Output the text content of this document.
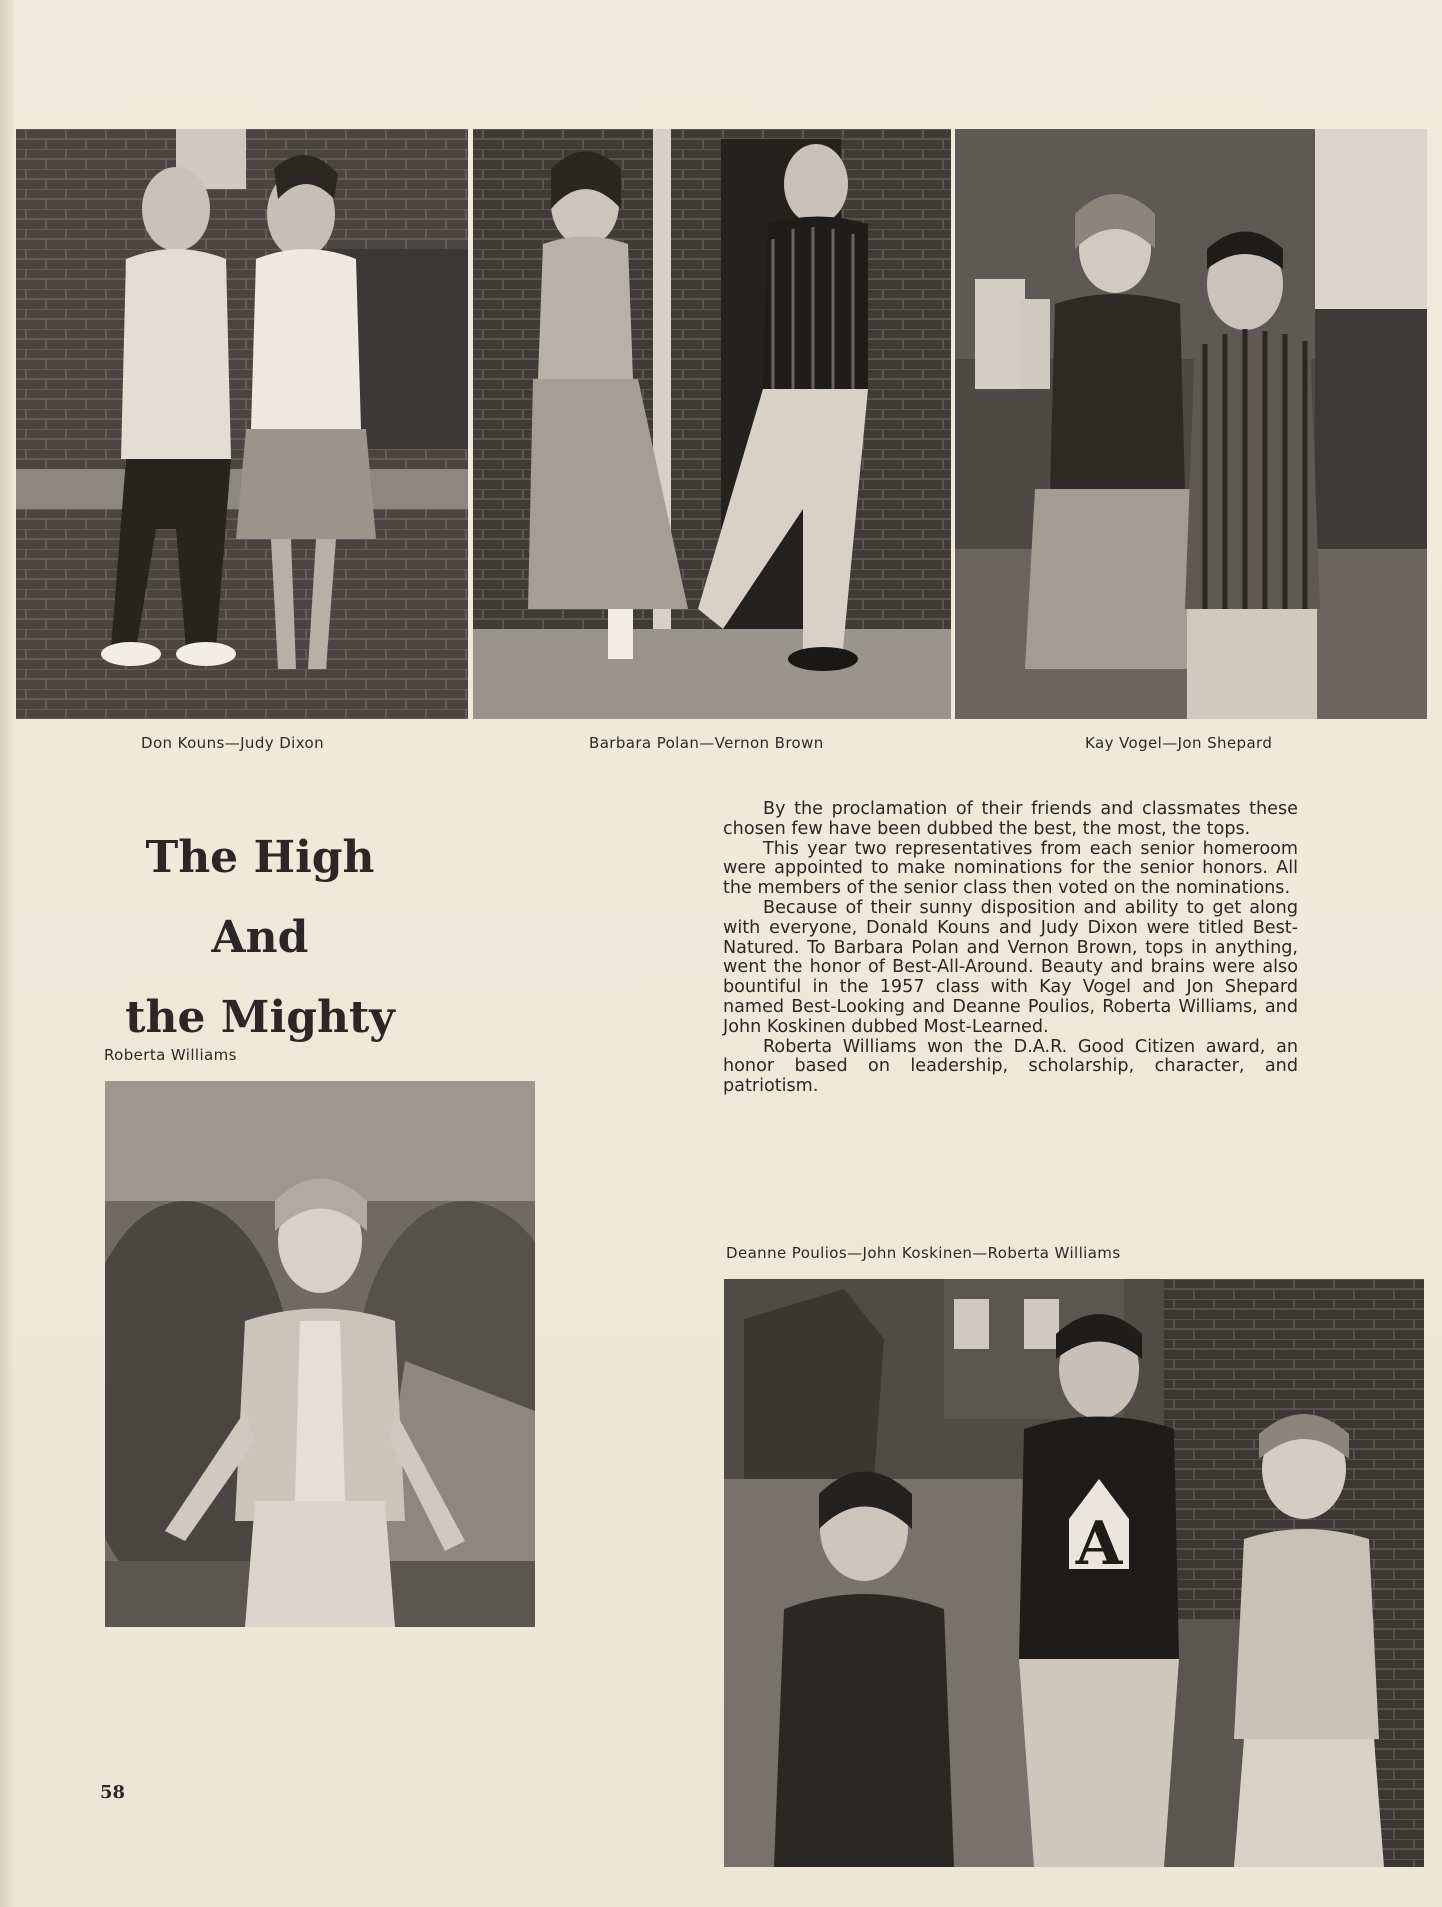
Don Kouns—Judy Dixon	Barbara Polan—Vernon Brown	Kay Vogel—Jon Shepard
The High And
the Mighty

By the proclamation of their friends and classmates these chosen few have been dubbed the best, the most, the tops.

This year two representatives from each senior homeroom were appointed to make nominations for the senior honors. All the members of the senior class then voted on the nominations.

Because of their sunny disposition and ability to get along with everyone, Donald Kouns and Judy Dixon were titled Best-Natured. To Barbara Polan and Vernon Brown, tops in anything, went the honor of Best-All-Around. Beauty and brains were also bountiful in the 1957 class with Kay Vogel and Jon Shepard named Best-Looking and Deanne Poulios, Roberta Williams, and John Koskinen dubbed Most-Learned.

Roberta Williams won the D.A.R. Good Citizen award, an honor based on leadership, scholarship, character, and patriotism.

Roberta Williams
Deanne Poulios—John Koskinen—Roberta Williams
A
58
